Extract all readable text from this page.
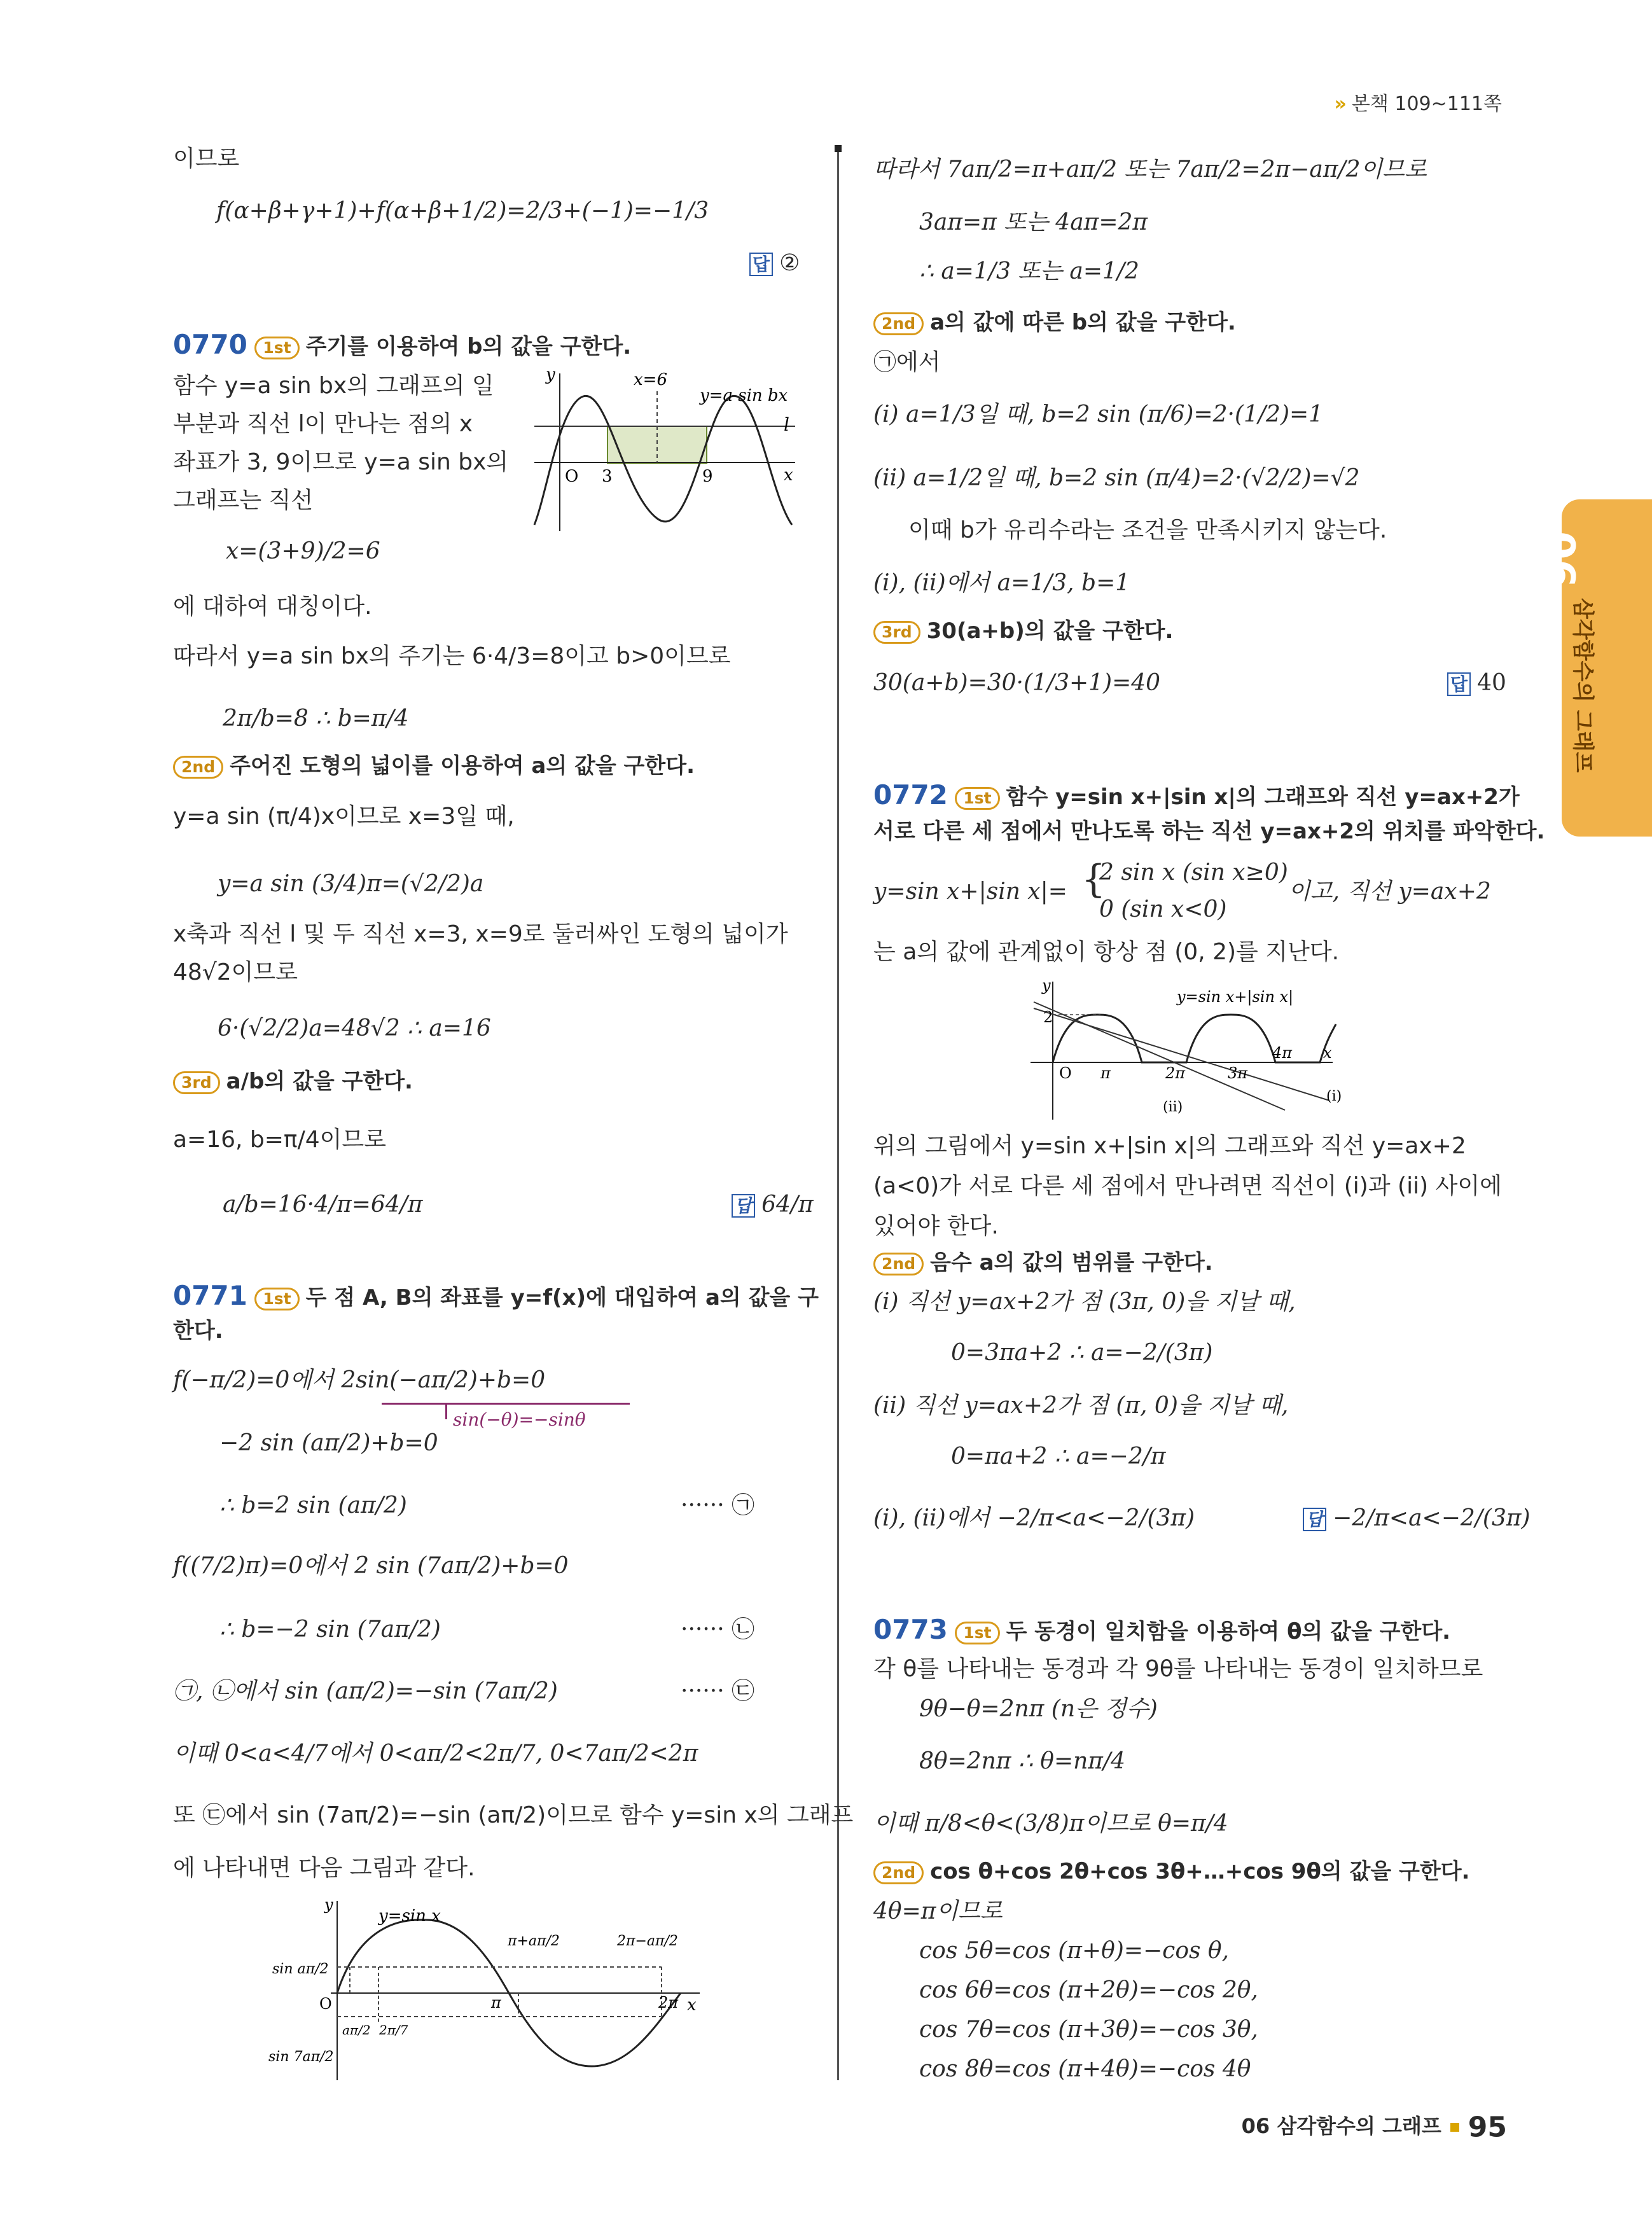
» 본책 109~111쪽
06
삼각함수의 그래프
이므로
f(α+β+γ+1)+f(α+β+1/2)=2/3+(−1)=−1/3
답 ②
0770 1st 주기를 이용하여 b의 값을 구한다.
함수 y=a sin bx의 그래프의 일
부분과 직선 l이 만나는 점의 x
좌표가 3, 9이므로 y=a sin bx의
그래프는 직선
y
x
O 3	9
x=6
y=a sin bx
l
x=(3+9)/2=6
에 대하여 대칭이다.
따라서 y=a sin bx의 주기는 6·4/3=8이고 b>0이므로
2π/b=8 ∴ b=π/4
2nd 주어진 도형의 넓이를 이용하여 a의 값을 구한다.
y=a sin (π/4)x이므로 x=3일 때,
y=a sin (3/4)π=(√2/2)a
x축과 직선 l 및 두 직선 x=3, x=9로 둘러싸인 도형의 넓이가
48√2이므로
6·(√2/2)a=48√2 ∴ a=16
3rd a/b의 값을 구한다.
a=16, b=π/4이므로
a/b=16·4/π=64/π	답 64/π
0771 1st 두 점 A, B의 좌표를 y=f(x)에 대입하여 a의 값을 구
한다.
f(−π/2)=0에서 2sin(−aπ/2)+b=0
sin(−θ)=−sinθ
−2 sin (aπ/2)+b=0
∴ b=2 sin (aπ/2)	······ ㉠
f((7/2)π)=0에서 2 sin (7aπ/2)+b=0
∴ b=−2 sin (7aπ/2)	······ ㉡
㉠, ㉡에서 sin (aπ/2)=−sin (7aπ/2)	······ ㉢
이때 0<a<4/7에서 0<aπ/2<2π/7, 0<7aπ/2<2π
또 ㉢에서 sin (7aπ/2)=−sin (aπ/2)이므로 함수 y=sin x의 그래프
에 나타내면 다음 그림과 같다.
y
x
O
y=sin x
sin aπ/2
sin 7aπ/2
π	2π
π+aπ/2	2π−aπ/2
aπ/2 2π/7
따라서 7aπ/2=π+aπ/2 또는 7aπ/2=2π−aπ/2이므로
3aπ=π 또는 4aπ=2π
∴ a=1/3 또는 a=1/2
2nd a의 값에 따른 b의 값을 구한다.
㉠에서
(i) a=1/3일 때, b=2 sin (π/6)=2·(1/2)=1
(ii) a=1/2일 때, b=2 sin (π/4)=2·(√2/2)=√2
이때 b가 유리수라는 조건을 만족시키지 않는다.
(i), (ii)에서 a=1/3, b=1
3rd 30(a+b)의 값을 구한다.
30(a+b)=30·(1/3+1)=40	답 40
0772 1st 함수 y=sin x+|sin x|의 그래프와 직선 y=ax+2가
서로 다른 세 점에서 만나도록 하는 직선 y=ax+2의 위치를 파악한다.
y=sin x+|sin x|= {
2 sin x (sin x≥0)
0 (sin x<0)
이고, 직선 y=ax+2
는 a의 값에 관계없이 항상 점 (0, 2)를 지난다.
y
x
O
2
π	2π	3π
4π
y=sin x+|sin x|
(i)
(ii)
위의 그림에서 y=sin x+|sin x|의 그래프와 직선 y=ax+2
(a<0)가 서로 다른 세 점에서 만나려면 직선이 (i)과 (ii) 사이에
있어야 한다.
2nd 음수 a의 값의 범위를 구한다.
(i) 직선 y=ax+2가 점 (3π, 0)을 지날 때,
0=3πa+2 ∴ a=−2/(3π)
(ii) 직선 y=ax+2가 점 (π, 0)을 지날 때,
0=πa+2 ∴ a=−2/π
(i), (ii)에서 −2/π<a<−2/(3π)	답 −2/π<a<−2/(3π)
0773 1st 두 동경이 일치함을 이용하여 θ의 값을 구한다.
각 θ를 나타내는 동경과 각 9θ를 나타내는 동경이 일치하므로
9θ−θ=2nπ (n은 정수)
8θ=2nπ ∴ θ=nπ/4
이때 π/8<θ<(3/8)π이므로 θ=π/4
2nd cos θ+cos 2θ+cos 3θ+…+cos 9θ의 값을 구한다.
4θ=π이므로
cos 5θ=cos (π+θ)=−cos θ,
cos 6θ=cos (π+2θ)=−cos 2θ,
cos 7θ=cos (π+3θ)=−cos 3θ,
cos 8θ=cos (π+4θ)=−cos 4θ
06 삼각함수의 그래프 95
